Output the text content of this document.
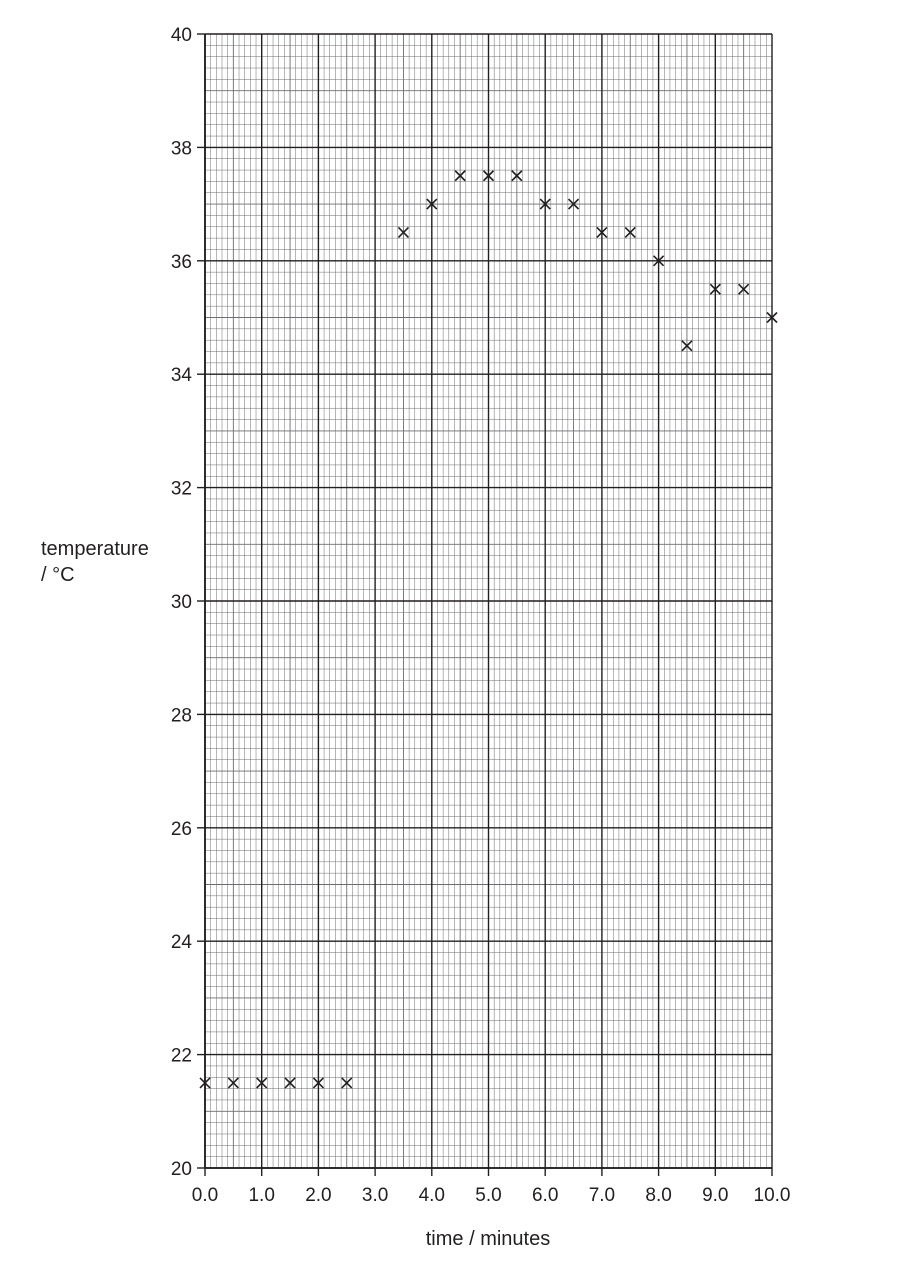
20
22
24
26
28
30
32
34
36
38
40
0.0 1.0 2.0 3.0 4.0 5.0 6.0 7.0 8.0 9.0 10.0
temperature
/ °C
time / minutes
